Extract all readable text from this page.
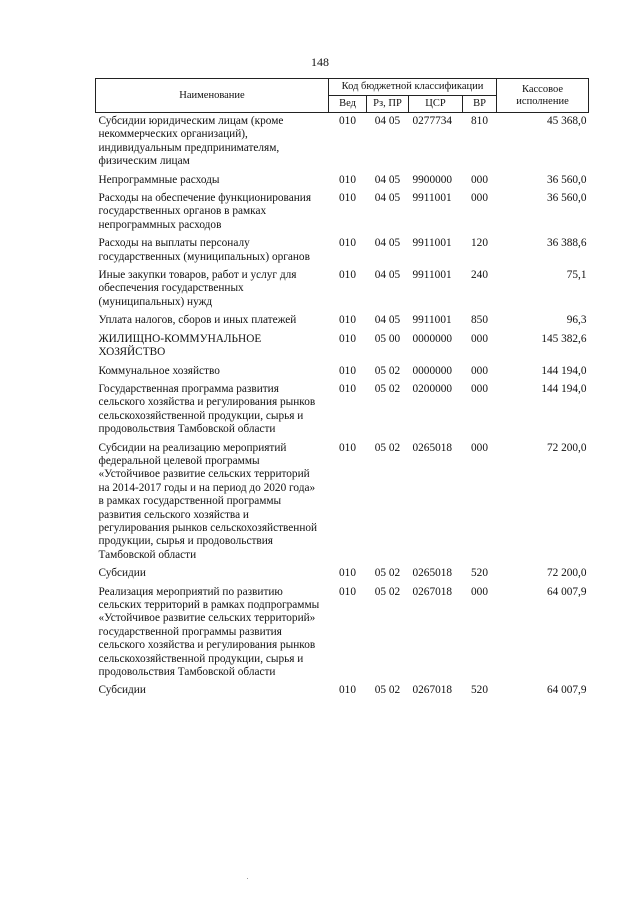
148
Наименование	Код бюджетной классификации				Кассовое исполнение
	Вед	Рз, ПР	ЦСР	ВР	
Субсидии юридическим лицам (кроме некоммерческих организаций), индивидуальным предпринимателям, физическим лицам	010	04 05	0277734	810	45 368,0
Непрограммные расходы	010	04 05	9900000	000	36 560,0
Расходы на обеспечение функционирования государственных органов в рамках непрограммных расходов	010	04 05	9911001	000	36 560,0
Расходы на выплаты персоналу государственных (муниципальных) органов	010	04 05	9911001	120	36 388,6
Иные закупки товаров, работ и услуг для обеспечения государственных (муниципальных) нужд	010	04 05	9911001	240	75,1
Уплата налогов, сборов и иных платежей	010	04 05	9911001	850	96,3
ЖИЛИЩНО-КОММУНАЛЬНОЕ ХОЗЯЙСТВО	010	05 00	0000000	000	145 382,6
Коммунальное хозяйство	010	05 02	0000000	000	144 194,0
Государственная программа развития сельского хозяйства и регулирования рынков сельскохозяйственной продукции, сырья и продовольствия Тамбовской области	010	05 02	0200000	000	144 194,0
Субсидии на реализацию мероприятий федеральной целевой программы «Устойчивое развитие сельских территорий на 2014-2017 годы и на период до 2020 года» в рамках государственной программы развития сельского хозяйства и регулирования рынков сельскохозяйственной продукции, сырья и продовольствия Тамбовской области	010	05 02	0265018	000	72 200,0
Субсидии	010	05 02	0265018	520	72 200,0
Реализация мероприятий по развитию сельских территорий в рамках подпрограммы «Устойчивое развитие сельских территорий» государственной программы развития сельского хозяйства и регулирования рынков сельскохозяйственной продукции, сырья и продовольствия Тамбовской области	010	05 02	0267018	000	64 007,9
Субсидии	010	05 02	0267018	520	64 007,9
